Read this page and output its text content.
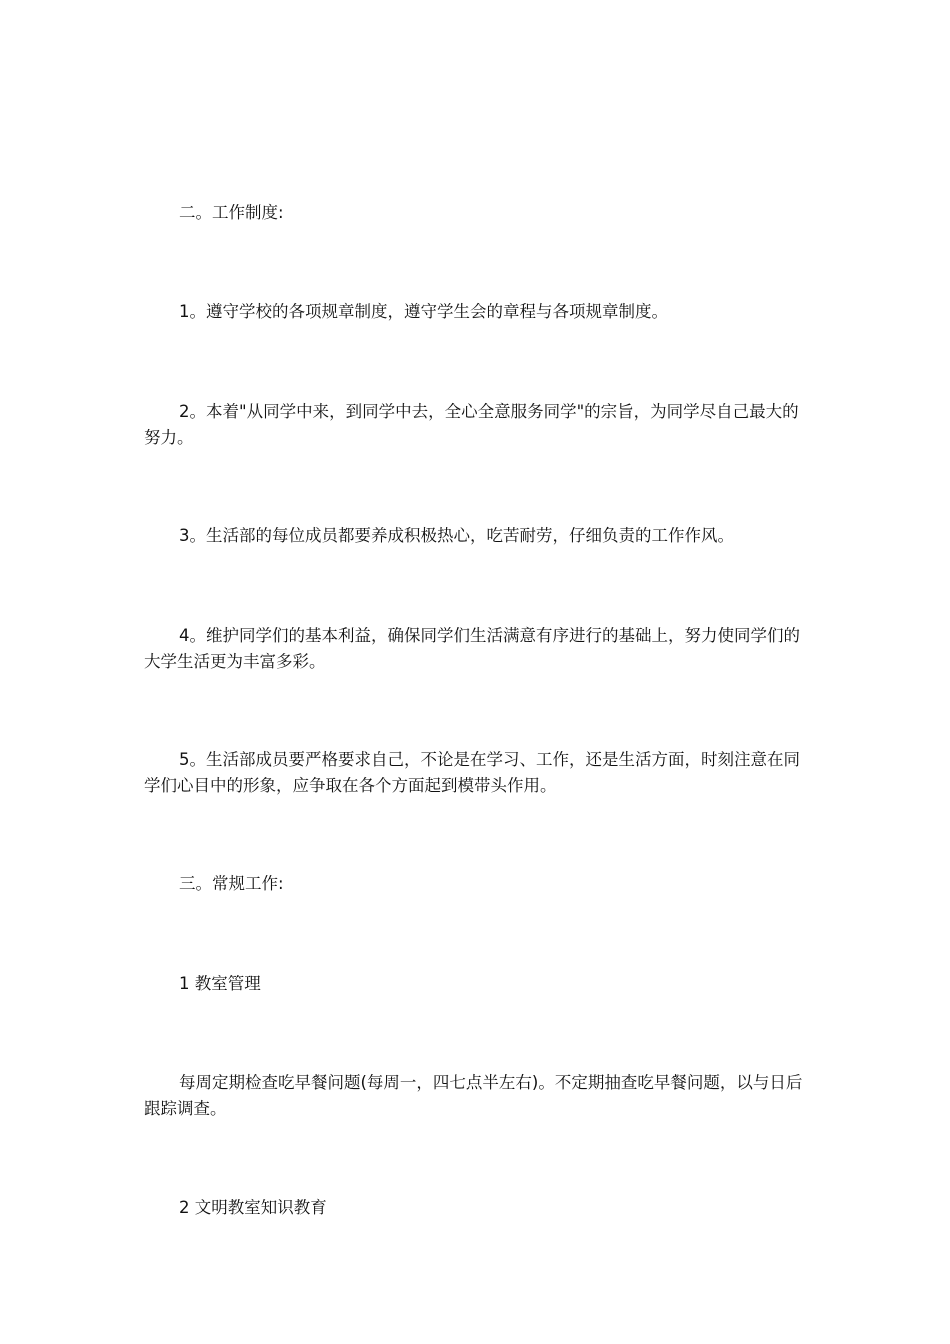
二。工作制度:

1。遵守学校的各项规章制度，遵守学生会的章程与各项规章制度。

2。本着"从同学中来，到同学中去，全心全意服务同学"的宗旨，为同学尽自己最大的努力。

3。生活部的每位成员都要养成积极热心，吃苦耐劳，仔细负责的工作作风。

4。维护同学们的基本利益，确保同学们生活满意有序进行的基础上，努力使同学们的大学生活更为丰富多彩。

5。生活部成员要严格要求自己，不论是在学习、工作，还是生活方面，时刻注意在同学们心目中的形象，应争取在各个方面起到模带头作用。

三。常规工作:

1 教室管理

每周定期检查吃早餐问题(每周一，四七点半左右)。不定期抽查吃早餐问题，以与日后跟踪调查。

2 文明教室知识教育
